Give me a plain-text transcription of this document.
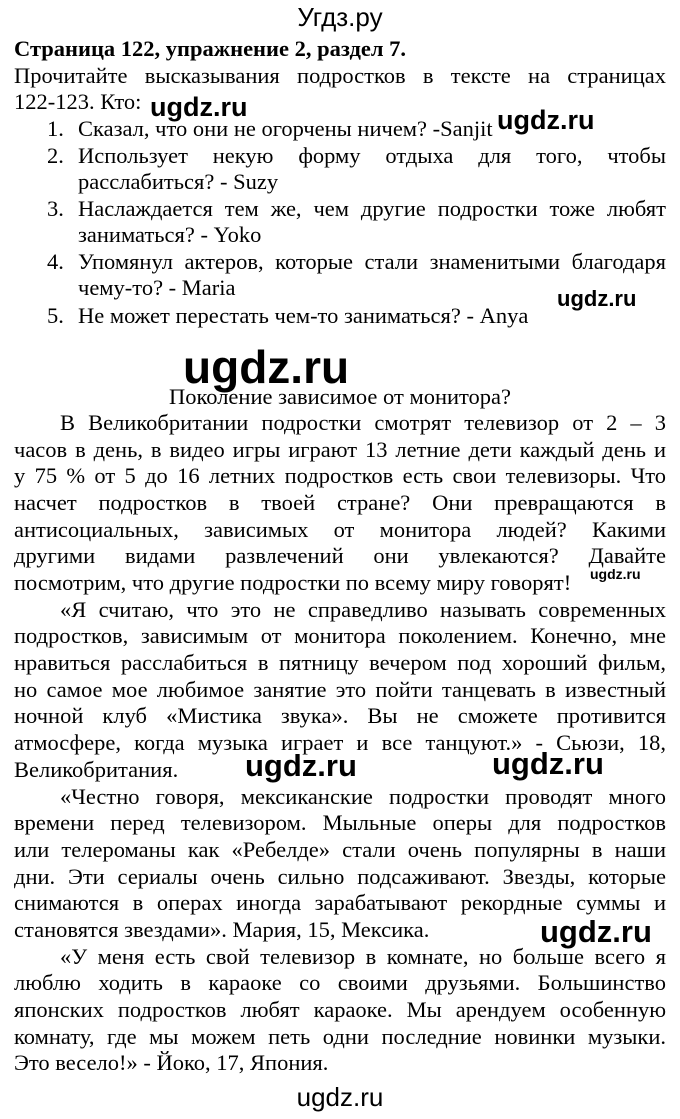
Угдз.ру
Страница 122, упражнение 2, раздел 7.
Прочитайте высказывания подростков в тексте на страницах
122-123. Кто:
1. Сказал, что они не огорчены ничем? -Sanjit
2. Использует некую форму отдыха для того, чтобы
расслабиться? - Suzy
3. Наслаждается тем же, чем другие подростки тоже любят
заниматься? - Yoko
4. Упомянул актеров, которые стали знаменитыми благодаря
чему-то? - Maria
5. Не может перестать чем-то заниматься? - Anya
Поколение зависимое от монитора?
В Великобритании подростки смотрят телевизор от 2 – 3
часов в день, в видео игры играют 13 летние дети каждый день и
у 75 % от 5 до 16 летних подростков есть свои телевизоры. Что
насчет подростков в твоей стране? Они превращаются в
антисоциальных, зависимых от монитора людей? Какими
другими видами развлечений они увлекаются? Давайте
посмотрим, что другие подростки по всему миру говорят!
«Я считаю, что это не справедливо называть современных
подростков, зависимым от монитора поколением. Конечно, мне
нравиться расслабиться в пятницу вечером под хороший фильм,
но самое мое любимое занятие это пойти танцевать в известный
ночной клуб «Мистика звука». Вы не сможете противится
атмосфере, когда музыка играет и все танцуют.» - Сьюзи, 18,
Великобритания.
«Честно говоря, мексиканские подростки проводят много
времени перед телевизором. Мыльные оперы для подростков
или телероманы как «Ребелде» стали очень популярны в наши
дни. Эти сериалы очень сильно подсаживают. Звезды, которые
снимаются в операх иногда зарабатывают рекордные суммы и
становятся звездами». Мария, 15, Мексика.
«У меня есть свой телевизор в комнате, но больше всего я
люблю ходить в караоке со своими друзьями. Большинство
японских подростков любят караоке. Мы арендуем особенную
комнату, где мы можем петь одни последние новинки музыки.
Это весело!» - Йоко, 17, Япония.
ugdz.ru	ugdz.ru
ugdz.ru
ugdz.ru
ugdz.ru
ugdz.ru	ugdz.ru
ugdz.ru
ugdz.ru
